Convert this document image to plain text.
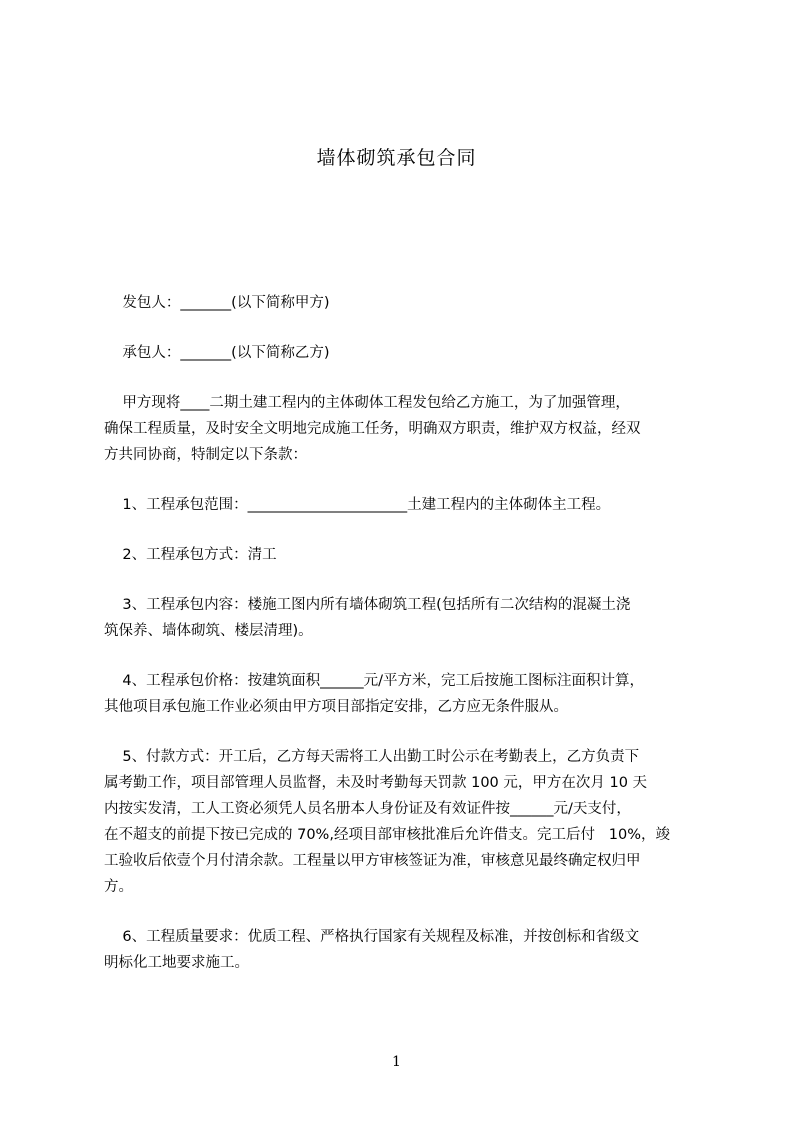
墙体砌筑承包合同

发包人：_______(以下简称甲方)

承包人：_______(以下简称乙方)

甲方现将____二期土建工程内的主体砌体工程发包给乙方施工，为了加强管理，
确保工程质量，及时安全文明地完成施工任务，明确双方职责，维护双方权益，经双
方共同协商，特制定以下条款：

1、工程承包范围：______________________土建工程内的主体砌体主工程。

2、工程承包方式：清工

3、工程承包内容：楼施工图内所有墙体砌筑工程(包括所有二次结构的混凝土浇
筑保养、墙体砌筑、楼层清理)。

4、工程承包价格：按建筑面积______元/平方米，完工后按施工图标注面积计算，
其他项目承包施工作业必须由甲方项目部指定安排，乙方应无条件服从。

5、付款方式：开工后，乙方每天需将工人出勤工时公示在考勤表上，乙方负责下
属考勤工作，项目部管理人员监督，未及时考勤每天罚款 100 元，甲方在次月 10 天
内按实发清，工人工资必须凭人员名册本人身份证及有效证件按______元/天支付，
在不超支的前提下按已完成的 70%,经项目部审核批准后允许借支。完工后付   10%，竣
工验收后依壹个月付清余款。工程量以甲方审核签证为准，审核意见最终确定权归甲
方。

6、工程质量要求：优质工程、严格执行国家有关规程及标准，并按创标和省级文
明标化工地要求施工。

1
